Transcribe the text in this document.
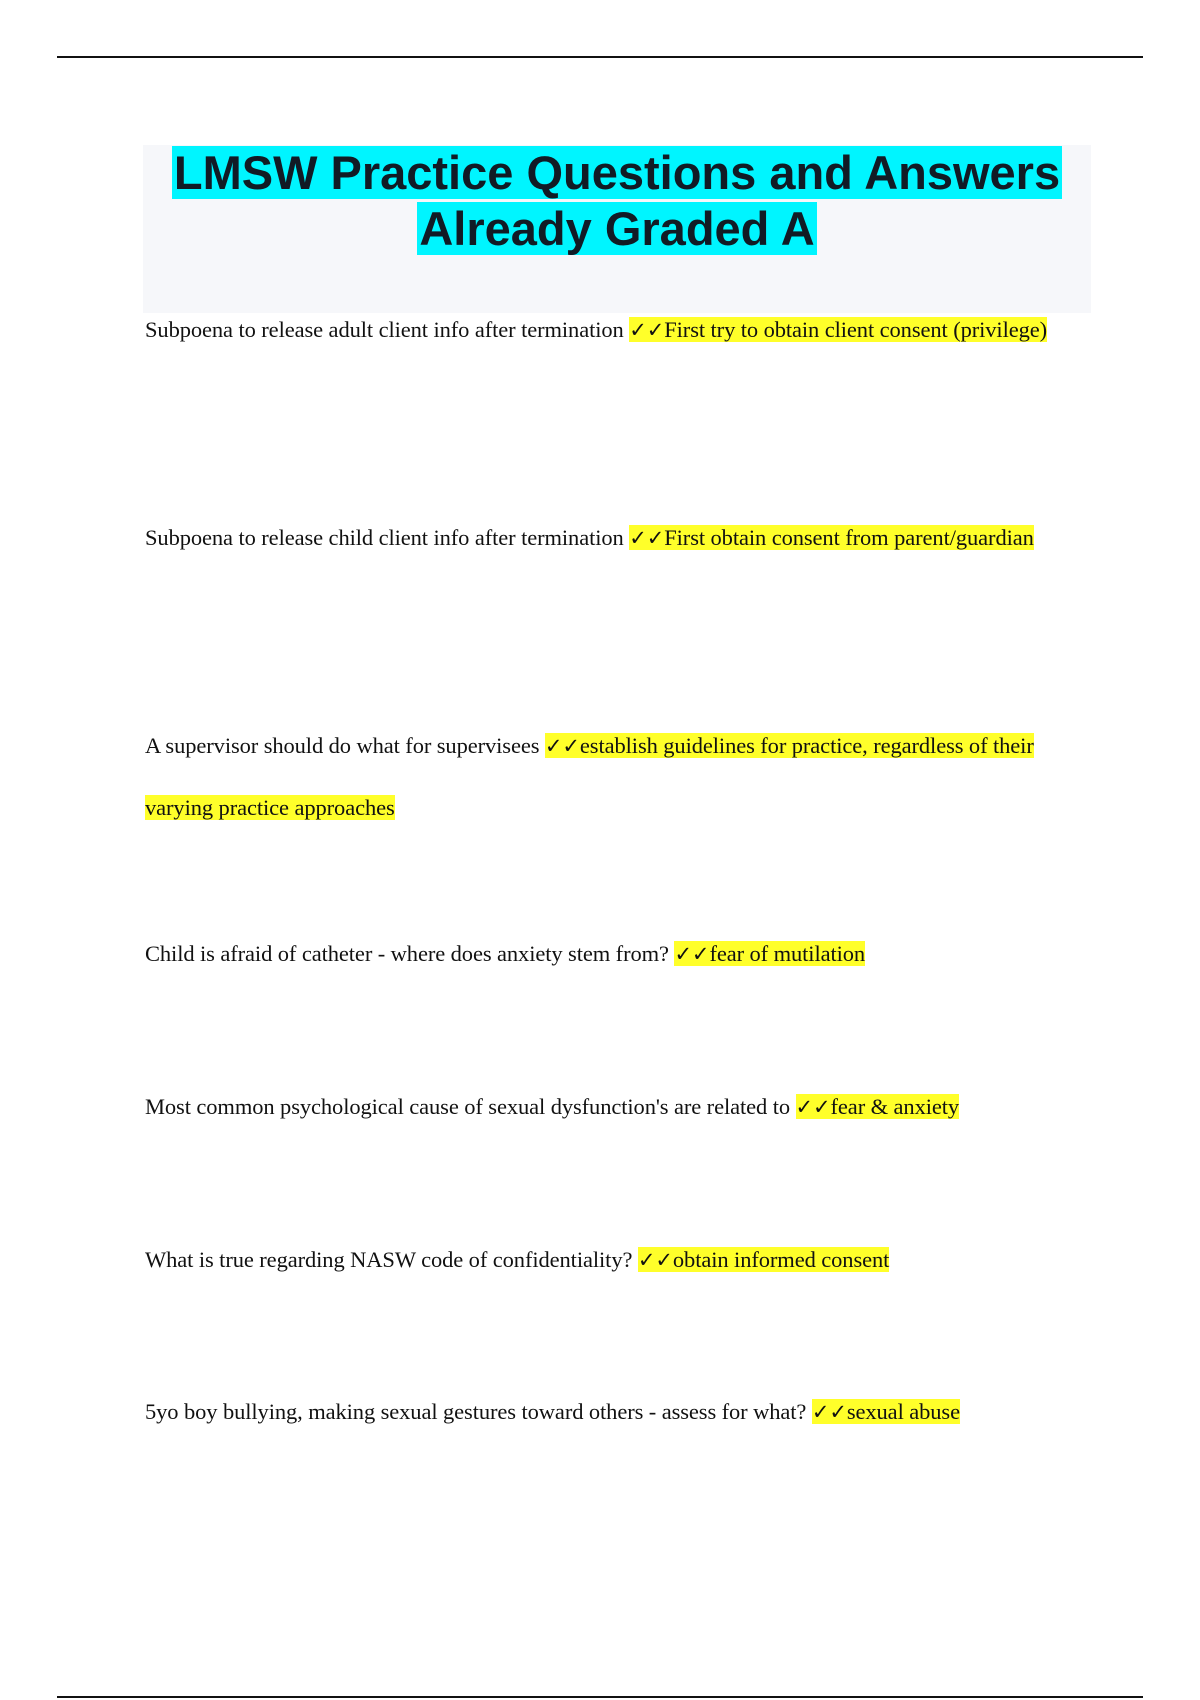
LMSW Practice Questions and Answers
Already Graded A

Subpoena to release adult client info after termination ✓✓First try to obtain client consent (privilege)

Subpoena to release child client info after termination ✓✓First obtain consent from parent/guardian

A supervisor should do what for supervisees ✓✓establish guidelines for practice, regardless of their varying practice approaches

Child is afraid of catheter - where does anxiety stem from? ✓✓fear of mutilation

Most common psychological cause of sexual dysfunction's are related to ✓✓fear & anxiety

What is true regarding NASW code of confidentiality? ✓✓obtain informed consent

5yo boy bullying, making sexual gestures toward others - assess for what? ✓✓sexual abuse
